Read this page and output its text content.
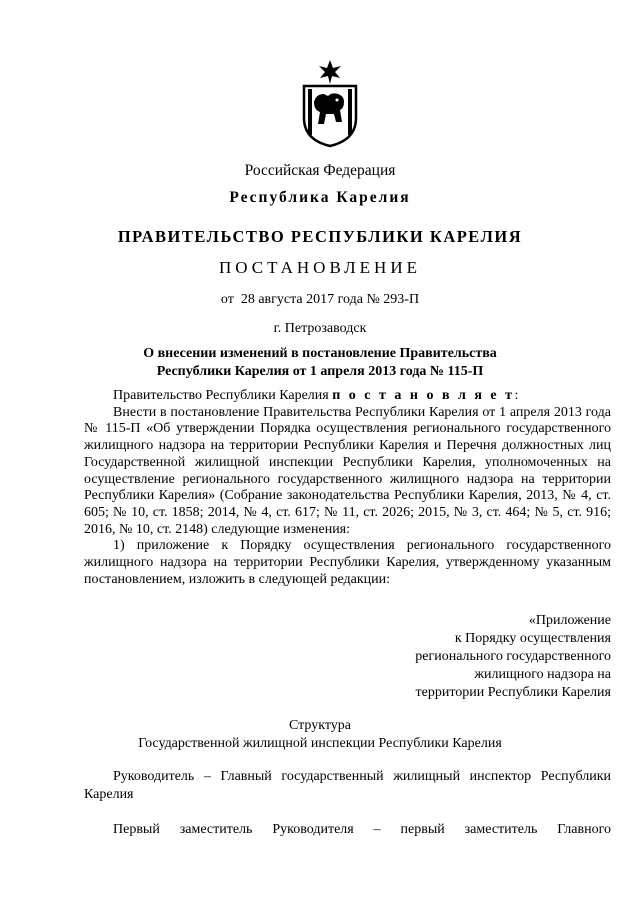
Российская Федерация
Республика Карелия
ПРАВИТЕЛЬСТВО РЕСПУБЛИКИ КАРЕЛИЯ
ПОСТАНОВЛЕНИЕ
от  28 августа 2017 года № 293-П
г. Петрозаводск
О внесении изменений в постановление Правительства
Республики Карелия от 1 апреля 2013 года № 115-П

Правительство Республики Карелия п о с т а н о в л я е т:

Внести в постановление Правительства Республики Карелия от 1 апреля 2013 года № 115-П «Об утверждении Порядка осуществления регионального государственного жилищного надзора на территории Республики Карелия и Перечня должностных лиц Государственной жилищной инспекции Республики Карелия, уполномоченных на осуществление регионального государственного жилищного надзора на территории Республики Карелия» (Собрание законодательства Республики Карелия, 2013, № 4, ст. 605; № 10, ст. 1858; 2014, № 4, ст. 617; № 11, ст. 2026; 2015, № 3, ст. 464; № 5, ст. 916; 2016, № 10, ст. 2148) следующие изменения:

1) приложение к Порядку осуществления регионального государственного жилищного надзора на территории Республики Карелия, утвержденному указанным постановлением, изложить в следующей редакции:

«Приложение
к Порядку осуществления
регионального государственного
жилищного надзора на
территории Республики Карелия
Структура
Государственной жилищной инспекции Республики Карелия

Руководитель – Главный государственный жилищный инспектор Республики Карелия

Первый заместитель Руководителя – первый заместитель Главного
